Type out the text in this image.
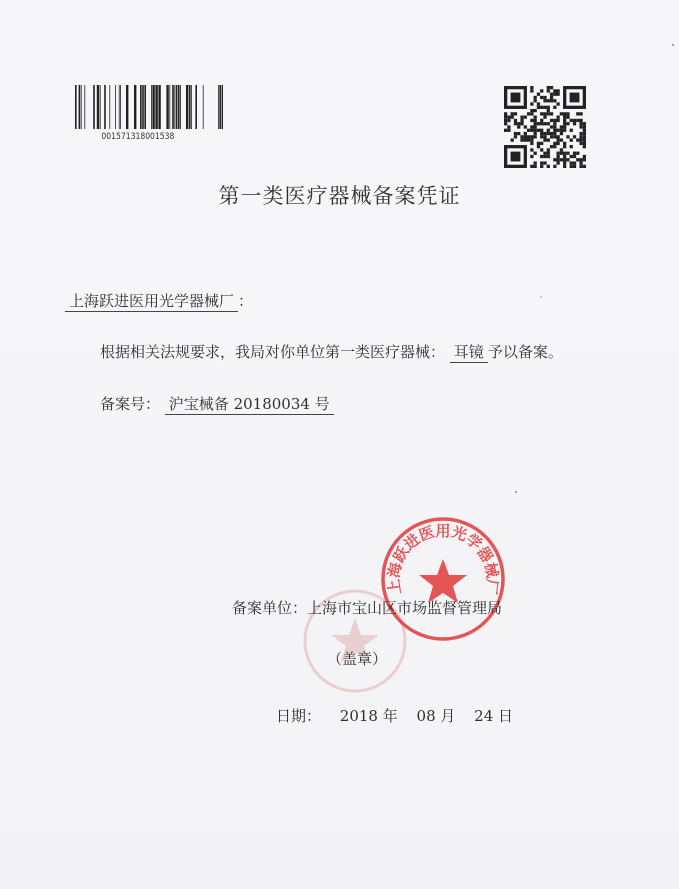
001571318001538
第一类医疗器械备案凭证
上海跃进医用光学器械厂 ：
根据相关法规要求，我局对你单位第一类医疗器械： 耳镜 予以备案。
备案号： 沪宝械备 20180034 号
上海跃进医用光学器械厂
备案单位：上海市宝山区市场监督管理局
（盖章）
日期： 2018 年 08 月 24 日
